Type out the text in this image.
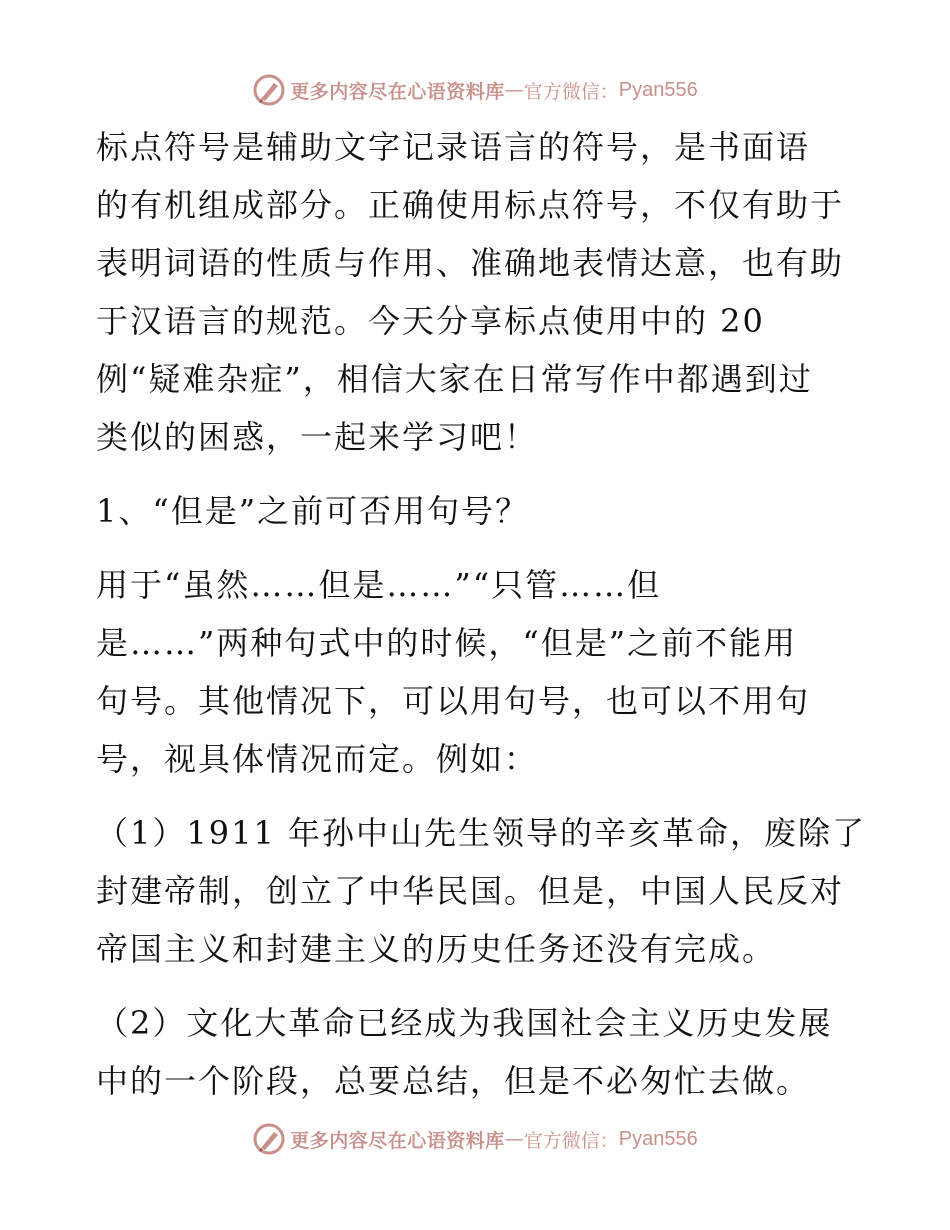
更多内容尽在心语资料库 — 官方微信： Pyan556

标点符号是辅助文字记录语言的符号，是书面语
的有机组成部分。正确使用标点符号，不仅有助于
表明词语的性质与作用、准确地表情达意，也有助
于汉语言的规范。今天分享标点使用中的 20
例“疑难杂症”，相信大家在日常写作中都遇到过
类似的困惑，一起来学习吧！

1、“但是”之前可否用句号？

用于“虽然……但是……”“只管……但
是……”两种句式中的时候，“但是”之前不能用
句号。其他情况下，可以用句号，也可以不用句
号，视具体情况而定。例如：

（1）1911 年孙中山先生领导的辛亥革命，废除了
封建帝制，创立了中华民国。但是，中国人民反对
帝国主义和封建主义的历史任务还没有完成。

（2）文化大革命已经成为我国社会主义历史发展
中的一个阶段，总要总结，但是不必匆忙去做。

更多内容尽在心语资料库 — 官方微信： Pyan556
